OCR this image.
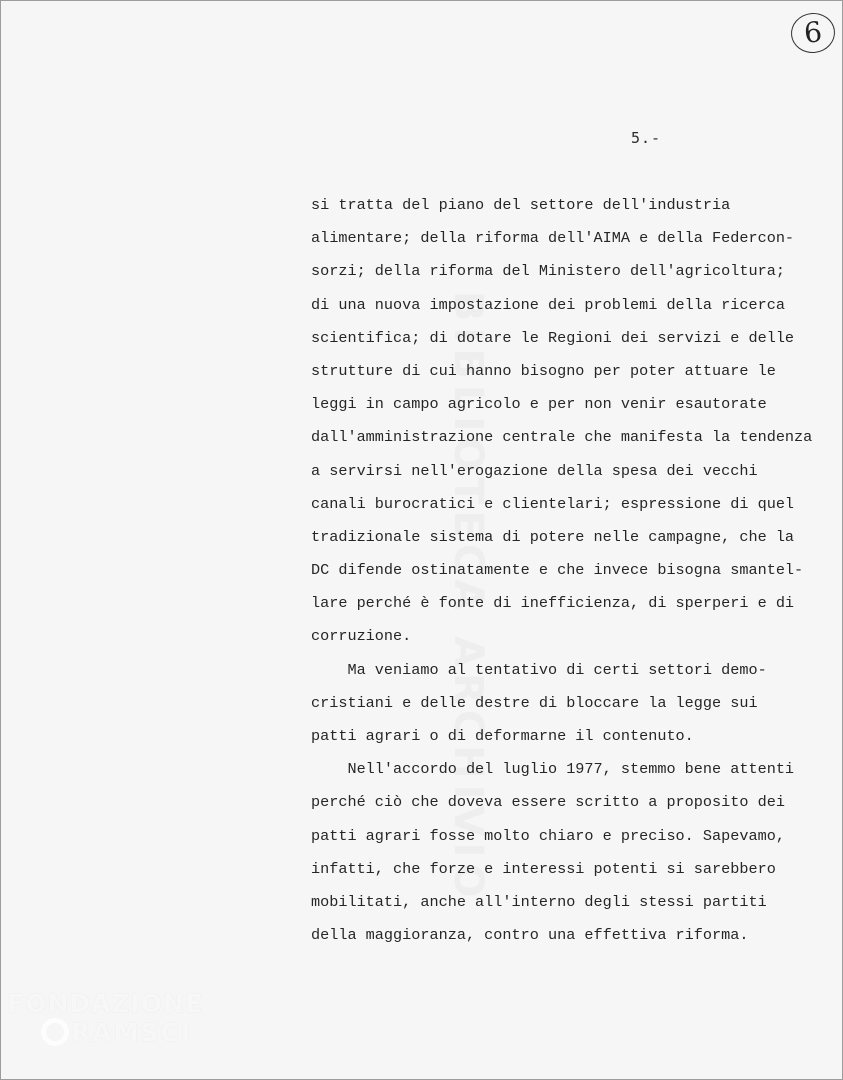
6
5.-
BIBLIOTECA ARCHIVIO
si tratta del piano del settore dell'industria
alimentare; della riforma dell'AIMA e della Federcon-
sorzi; della riforma del Ministero dell'agricoltura;
di una nuova impostazione dei problemi della ricerca
scientifica; di dotare le Regioni dei servizi e delle
strutture di cui hanno bisogno per poter attuare le
leggi in campo agricolo e per non venir esautorate
dall'amministrazione centrale che manifesta la tendenza
a servirsi nell'erogazione della spesa dei vecchi
canali burocratici e clientelari; espressione di quel
tradizionale sistema di potere nelle campagne, che la
DC difende ostinatamente e che invece bisogna smantel-
lare perché è fonte di inefficienza, di sperperi e di
corruzione.
Ma veniamo al tentativo di certi settori demo-
cristiani e delle destre di bloccare la legge sui
patti agrari o di deformarne il contenuto.
Nell'accordo del luglio 1977, stemmo bene attenti
perché ciò che doveva essere scritto a proposito dei
patti agrari fosse molto chiaro e preciso. Sapevamo,
infatti, che forze e interessi potenti si sarebbero
mobilitati, anche all'interno degli stessi partiti
della maggioranza, contro una effettiva riforma.
FONDAZIONE
RAMSCI
